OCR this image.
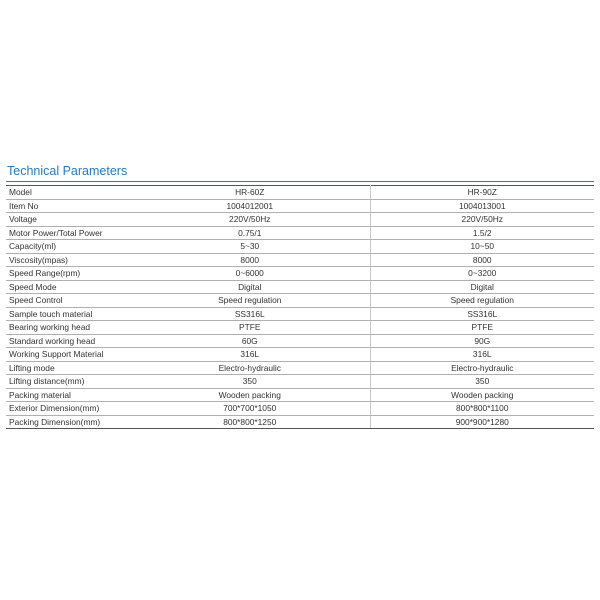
Technical Parameters
Model	HR-60Z	HR-90Z
Item No	1004012001	1004013001
Voltage	220V/50Hz	220V/50Hz
Motor Power/Total Power	0.75/1	1.5/2
Capacity(ml)	5~30	10~50
Viscosity(mpas)	8000	8000
Speed Range(rpm)	0~6000	0~3200
Speed Mode	Digital	Digital
Speed Control	Speed regulation	Speed regulation
Sample touch material	SS316L	SS316L
Bearing working head	PTFE	PTFE
Standard working head	60G	90G
Working Support Material	316L	316L
Lifting mode	Electro-hydraulic	Electro-hydraulic
Lifting distance(mm)	350	350
Packing material	Wooden packing	Wooden packing
Exterior Dimension(mm)	700*700*1050	800*800*1100
Packing Dimension(mm)	800*800*1250	900*900*1280
